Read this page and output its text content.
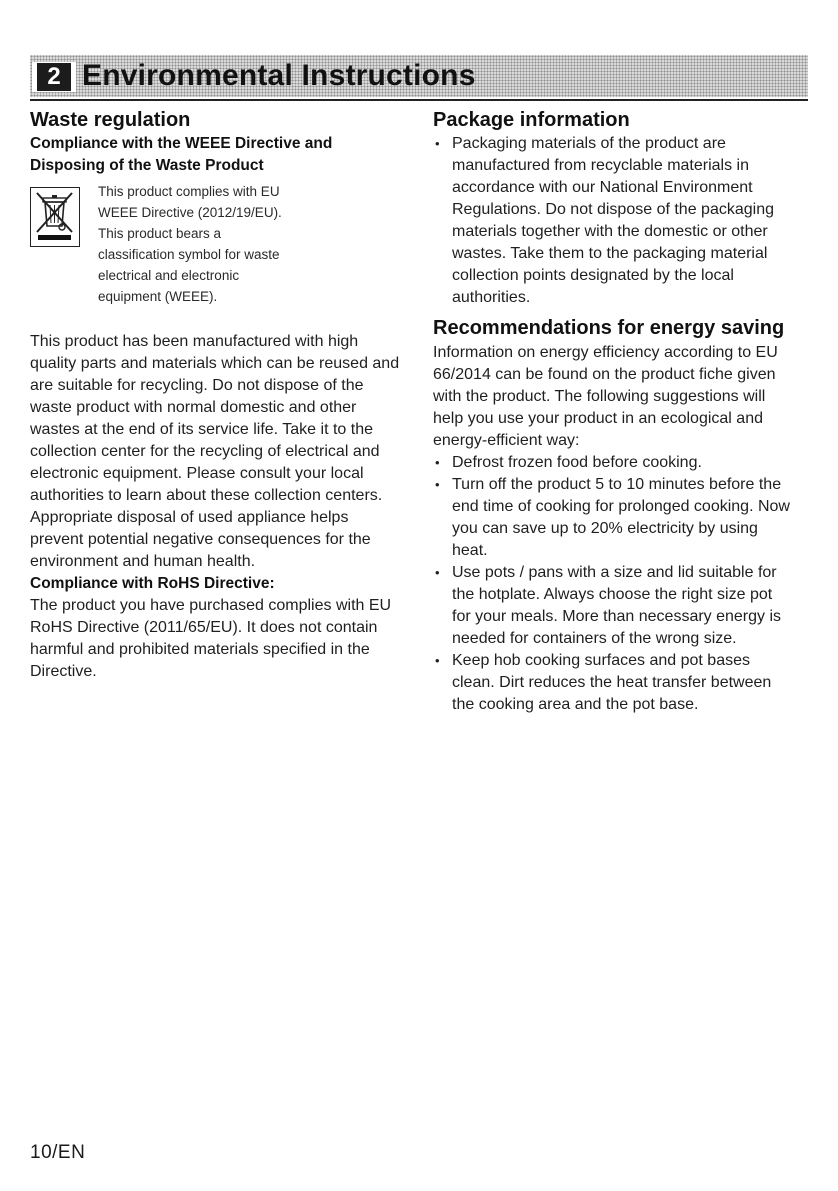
2 Environmental Instructions
Waste regulation
Compliance with the WEEE Directive and Disposing of the Waste Product
This product complies with EU
WEEE Directive (2012/19/EU).
This product bears a
classification symbol for waste
electrical and electronic
equipment (WEEE).

This product has been manufactured with high quality parts and materials which can be reused and are suitable for recycling. Do not dispose of the waste product with normal domestic and other wastes at the end of its service life. Take it to the collection center for the recycling of electrical and electronic equipment. Please consult your local authorities to learn about these collection centers.

Appropriate disposal of used appliance helps prevent potential negative consequences for the environment and human health.

Compliance with RoHS Directive:

The product you have purchased complies with EU RoHS Directive (2011/65/EU). It does not contain harmful and prohibited materials specified in the Directive.

Package information
• Packaging materials of the product are manufactured from recyclable materials in accordance with our National Environment Regulations. Do not dispose of the packaging materials together with the domestic or other wastes. Take them to the packaging material collection points designated by the local authorities.
Recommendations for energy saving

Information on energy efficiency according to EU 66/2014 can be found on the product fiche given with the product. The following suggestions will help you use your product in an ecological and energy-efficient way:

• Defrost frozen food before cooking.
• Turn off the product 5 to 10 minutes before the end time of cooking for prolonged cooking. Now you can save up to 20% electricity by using heat.
• Use pots / pans with a size and lid suitable for the hotplate. Always choose the right size pot for your meals. More than necessary energy is needed for containers of the wrong size.
• Keep hob cooking surfaces and pot bases clean. Dirt reduces the heat transfer between the cooking area and the pot base.
10/EN
